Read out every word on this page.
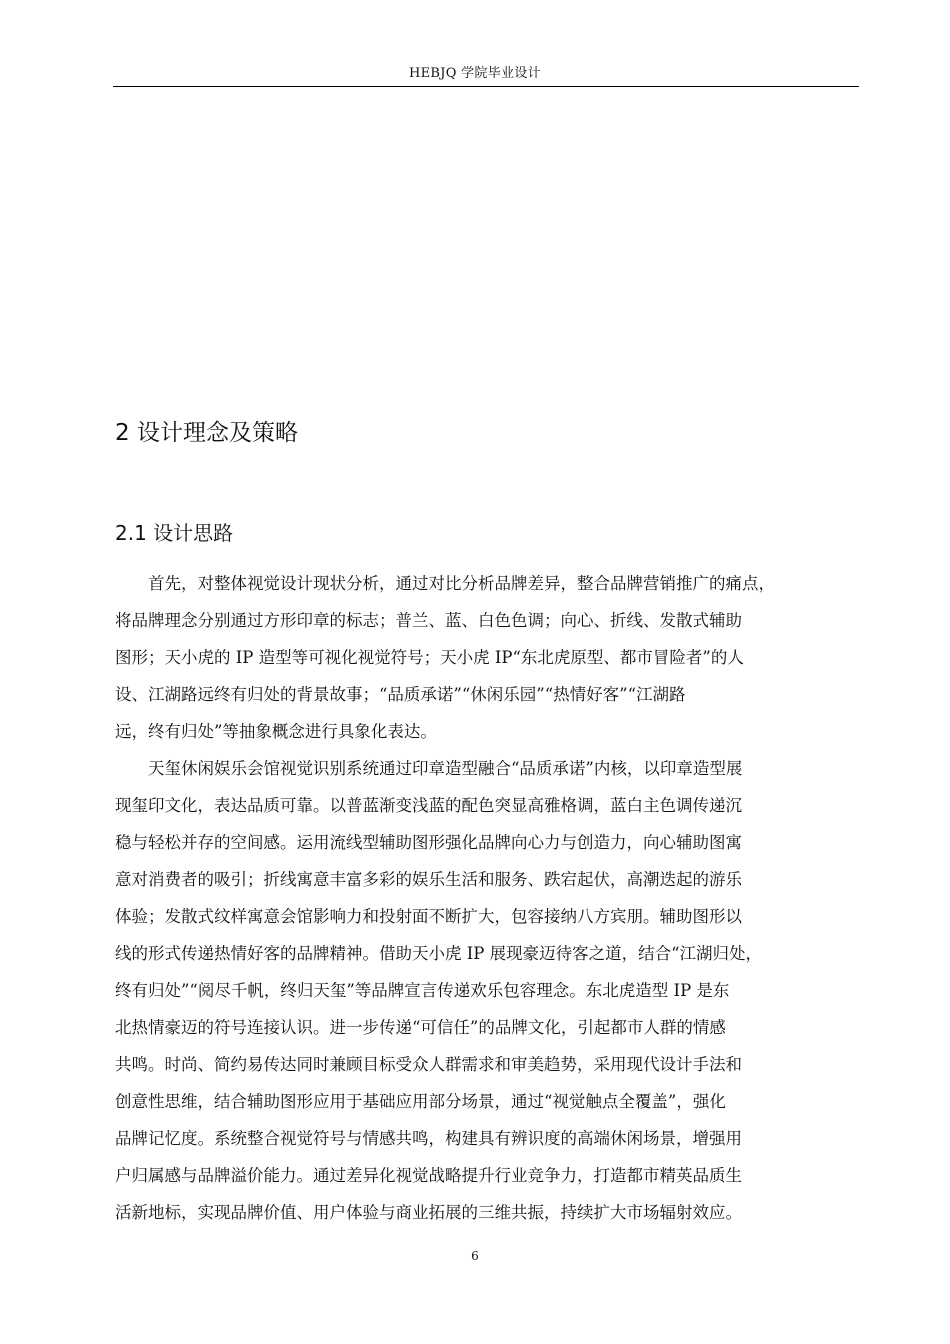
HEBJQ 学院毕业设计
2 设计理念及策略
2.1 设计思路
　　首先，对整体视觉设计现状分析，通过对比分析品牌差异，整合品牌营销推广的痛点，
将品牌理念分别通过方形印章的标志；普兰、蓝、白色色调；向心、折线、发散式辅助
图形；天小虎的 IP 造型等可视化视觉符号；天小虎 IP“东北虎原型、都市冒险者”的人
设、江湖路远终有归处的背景故事；“品质承诺”“休闲乐园”“热情好客”“江湖路
远，终有归处”等抽象概念进行具象化表达。
　　天玺休闲娱乐会馆视觉识别系统通过印章造型融合“品质承诺”内核，以印章造型展
现玺印文化，表达品质可靠。以普蓝渐变浅蓝的配色突显高雅格调，蓝白主色调传递沉
稳与轻松并存的空间感。运用流线型辅助图形强化品牌向心力与创造力，向心辅助图寓
意对消费者的吸引；折线寓意丰富多彩的娱乐生活和服务、跌宕起伏，高潮迭起的游乐
体验；发散式纹样寓意会馆影响力和投射面不断扩大，包容接纳八方宾朋。辅助图形以
线的形式传递热情好客的品牌精神。借助天小虎 IP 展现豪迈待客之道，结合“江湖归处，
终有归处”“阅尽千帆，终归天玺”等品牌宣言传递欢乐包容理念。东北虎造型 IP 是东
北热情豪迈的符号连接认识。进一步传递“可信任”的品牌文化，引起都市人群的情感
共鸣。时尚、简约易传达同时兼顾目标受众人群需求和审美趋势，采用现代设计手法和
创意性思维，结合辅助图形应用于基础应用部分场景，通过“视觉触点全覆盖”，强化
品牌记忆度。系统整合视觉符号与情感共鸣，构建具有辨识度的高端休闲场景，增强用
户归属感与品牌溢价能力。通过差异化视觉战略提升行业竞争力，打造都市精英品质生
活新地标，实现品牌价值、用户体验与商业拓展的三维共振，持续扩大市场辐射效应。
6
